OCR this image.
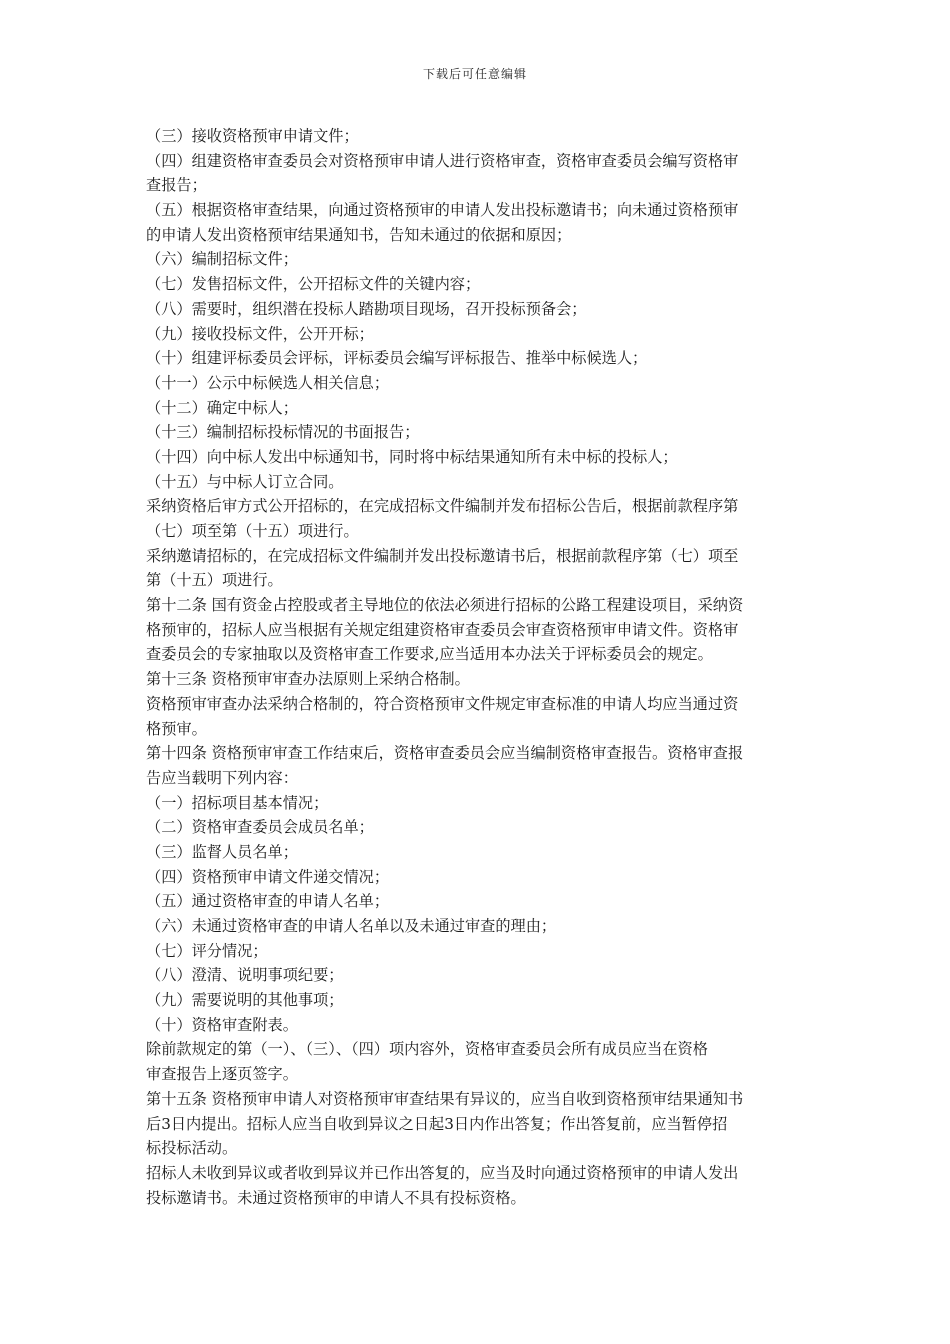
下载后可任意编辑
（三）接收资格预审申请文件；
（四）组建资格审查委员会对资格预审申请人进行资格审查，资格审查委员会编写资格审
查报告；
（五）根据资格审查结果，向通过资格预审的申请人发出投标邀请书；向未通过资格预审
的申请人发出资格预审结果通知书，告知未通过的依据和原因；
（六）编制招标文件；
（七）发售招标文件，公开招标文件的关键内容；
（八）需要时，组织潜在投标人踏勘项目现场，召开投标预备会；
（九）接收投标文件，公开开标；
（十）组建评标委员会评标，评标委员会编写评标报告、推举中标候选人；
（十一）公示中标候选人相关信息；
（十二）确定中标人；
（十三）编制招标投标情况的书面报告；
（十四）向中标人发出中标通知书，同时将中标结果通知所有未中标的投标人；
（十五）与中标人订立合同。
采纳资格后审方式公开招标的，在完成招标文件编制并发布招标公告后，根据前款程序第
（七）项至第（十五）项进行。
采纳邀请招标的，在完成招标文件编制并发出投标邀请书后，根据前款程序第（七）项至
第（十五）项进行。
第十二条 国有资金占控股或者主导地位的依法必须进行招标的公路工程建设项目，采纳资
格预审的，招标人应当根据有关规定组建资格审查委员会审查资格预审申请文件。资格审
查委员会的专家抽取以及资格审查工作要求,应当适用本办法关于评标委员会的规定。
第十三条 资格预审审查办法原则上采纳合格制。
资格预审审查办法采纳合格制的，符合资格预审文件规定审查标准的申请人均应当通过资
格预审。
第十四条 资格预审审查工作结束后，资格审查委员会应当编制资格审查报告。资格审查报
告应当载明下列内容：
（一）招标项目基本情况；
（二）资格审查委员会成员名单；
（三）监督人员名单；
（四）资格预审申请文件递交情况；
（五）通过资格审查的申请人名单；
（六）未通过资格审查的申请人名单以及未通过审查的理由；
（七）评分情况；
（八）澄清、说明事项纪要；
（九）需要说明的其他事项；
（十）资格审查附表。
除前款规定的第（一）、（三）、（四）项内容外，资格审查委员会所有成员应当在资格
审查报告上逐页签字。
第十五条 资格预审申请人对资格预审审查结果有异议的，应当自收到资格预审结果通知书
后3日内提出。招标人应当自收到异议之日起3日内作出答复；作出答复前，应当暂停招
标投标活动。
招标人未收到异议或者收到异议并已作出答复的，应当及时向通过资格预审的申请人发出
投标邀请书。未通过资格预审的申请人不具有投标资格。
